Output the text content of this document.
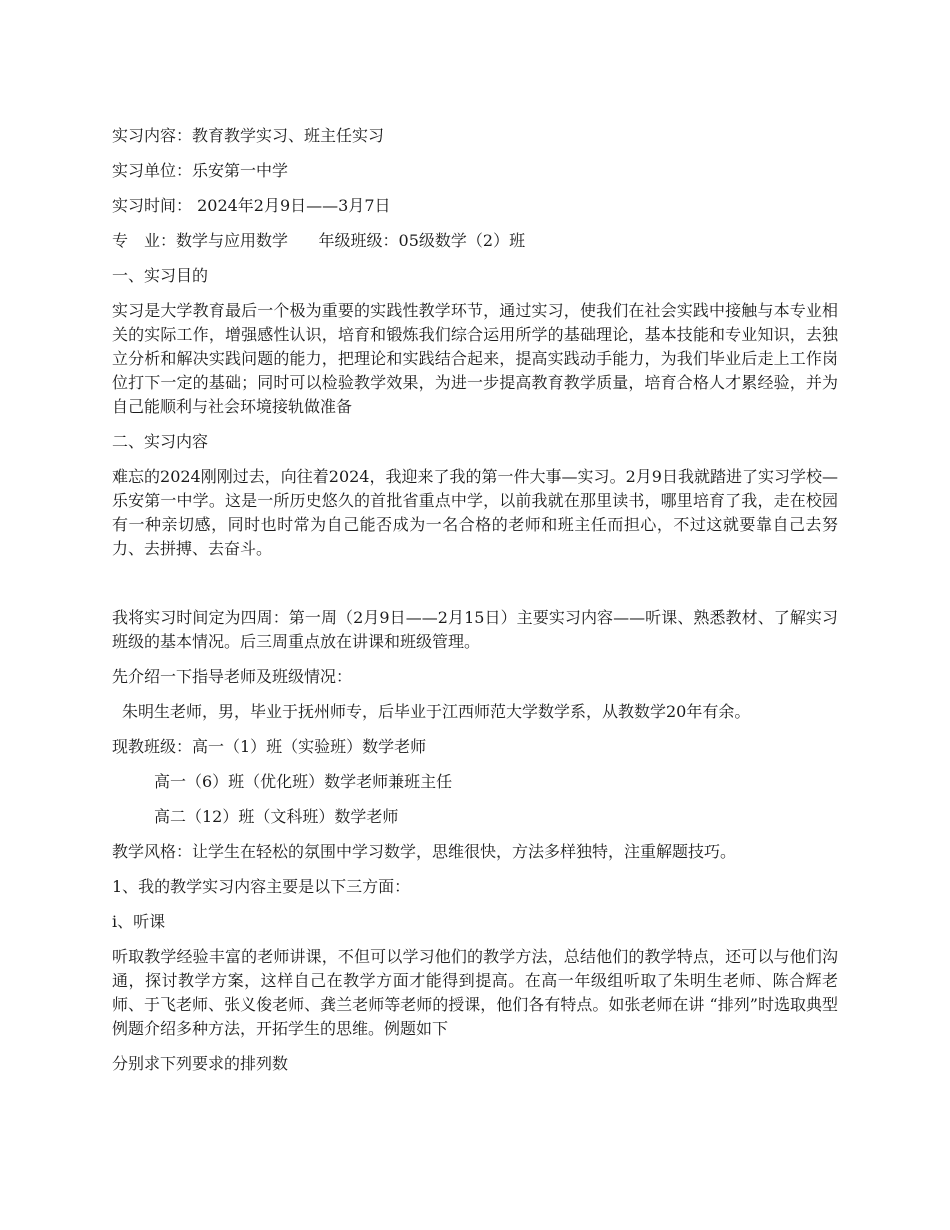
实习内容：教育教学实习、班主任实习

实习单位：乐安第一中学

实习时间： 2024年2月9日——3月7日

专　业：数学与应用数学 年级班级：05级数学（2）班

一、实习目的

实习是大学教育最后一个极为重要的实践性教学环节，通过实习，使我们在社会实践中接触与本专业相关的实际工作，增强感性认识，培育和锻炼我们综合运用所学的基础理论，基本技能和专业知识，去独立分析和解决实践问题的能力，把理论和实践结合起来，提高实践动手能力，为我们毕业后走上工作岗位打下一定的基础；同时可以检验教学效果，为进一步提高教育教学质量，培育合格人才累经验，并为自己能顺利与社会环境接轨做准备

二、实习内容

难忘的2024刚刚过去，向往着2024，我迎来了我的第一件大事—实习。2月9日我就踏进了实习学校—乐安第一中学。这是一所历史悠久的首批省重点中学，以前我就在那里读书，哪里培育了我，走在校园有一种亲切感，同时也时常为自己能否成为一名合格的老师和班主任而担心，不过这就要靠自己去努力、去拼搏、去奋斗。

我将实习时间定为四周：第一周（2月9日——2月15日）主要实习内容——听课、熟悉教材、了解实习班级的基本情况。后三周重点放在讲课和班级管理。

先介绍一下指导老师及班级情况：

朱明生老师，男，毕业于抚州师专，后毕业于江西师范大学数学系，从教数学20年有余。

现教班级：高一（1）班（实验班）数学老师

高一（6）班（优化班）数学老师兼班主任

高二（12）班（文科班）数学老师

教学风格：让学生在轻松的氛围中学习数学，思维很快，方法多样独特，注重解题技巧。

1、我的教学实习内容主要是以下三方面：

i、听课

听取教学经验丰富的老师讲课，不但可以学习他们的教学方法，总结他们的教学特点，还可以与他们沟通，探讨教学方案，这样自己在教学方面才能得到提高。在高一年级组听取了朱明生老师、陈合辉老师、于飞老师、张义俊老师、龚兰老师等老师的授课，他们各有特点。如张老师在讲 “排列”时选取典型例题介绍多种方法，开拓学生的思维。例题如下

分别求下列要求的排列数
